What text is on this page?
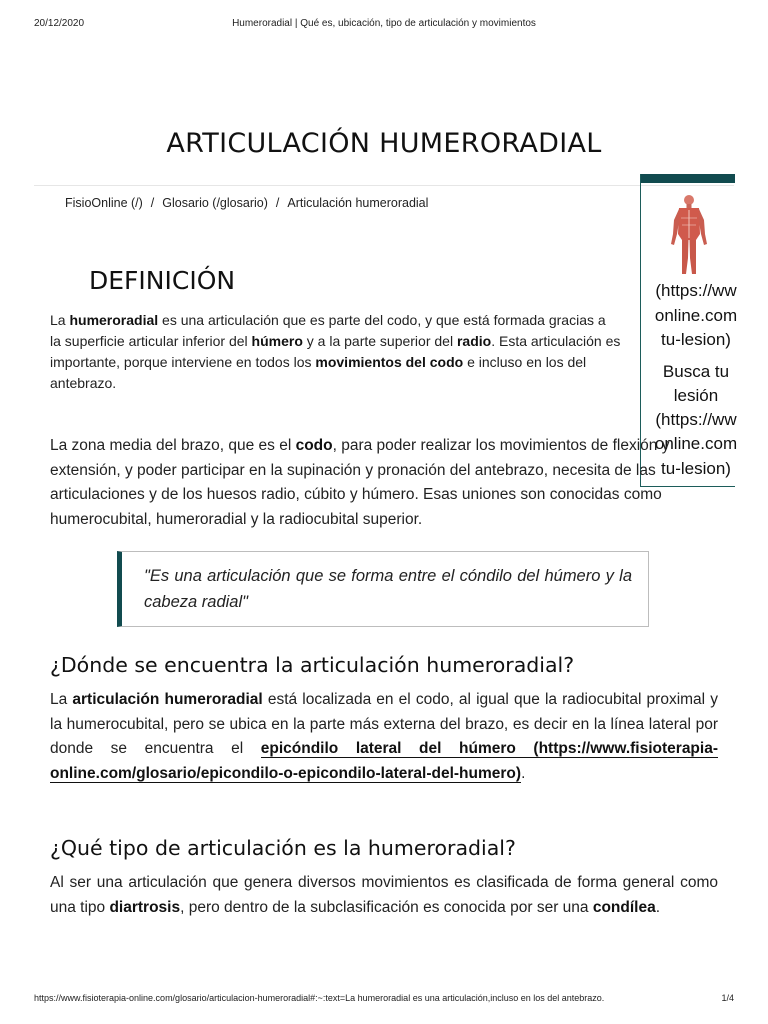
20/12/2020	Humeroradial | Qué es, ubicación, tipo de articulación y movimientos
ARTICULACIÓN HUMERORADIAL
FisioOnline (/) / Glosario (/glosario) / Articulación humeroradial
(https://ww
online.com
tu-lesion)
Busca tu
lesión
(https://ww
online.com
tu-lesion)
DEFINICIÓN
La humeroradial es una articulación que es parte del codo, y que está formada gracias a
la superficie articular inferior del húmero y a la parte superior del radio. Esta articulación es
importante, porque interviene en todos los movimientos del codo e incluso en los del antebrazo.
La zona media del brazo, que es el codo, para poder realizar los movimientos de flexión y extensión, y poder participar en la supinación y pronación del antebrazo, necesita de las articulaciones y de los huesos radio, cúbito y húmero. Esas uniones son conocidas como humerocubital, humeroradial y la radiocubital superior.
"Es una articulación que se forma entre el cóndilo del húmero y la cabeza radial"
¿Dónde se encuentra la articulación humeroradial?
La articulación humeroradial está localizada en el codo, al igual que la radiocubital proximal y la humerocubital, pero se ubica en la parte más externa del brazo, es decir en la línea lateral por donde se encuentra el epicóndilo lateral del húmero (https://www.fisioterapia-online.com/glosario/epicondilo-o-epicondilo-lateral-del-humero).
¿Qué tipo de articulación es la humeroradial?
Al ser una articulación que genera diversos movimientos es clasificada de forma general como una tipo diartrosis, pero dentro de la subclasificación es conocida por ser una condílea.
https://www.fisioterapia-online.com/glosario/articulacion-humeroradial#:~:text=La humeroradial es una articulación,incluso en los del antebrazo.	1/4
